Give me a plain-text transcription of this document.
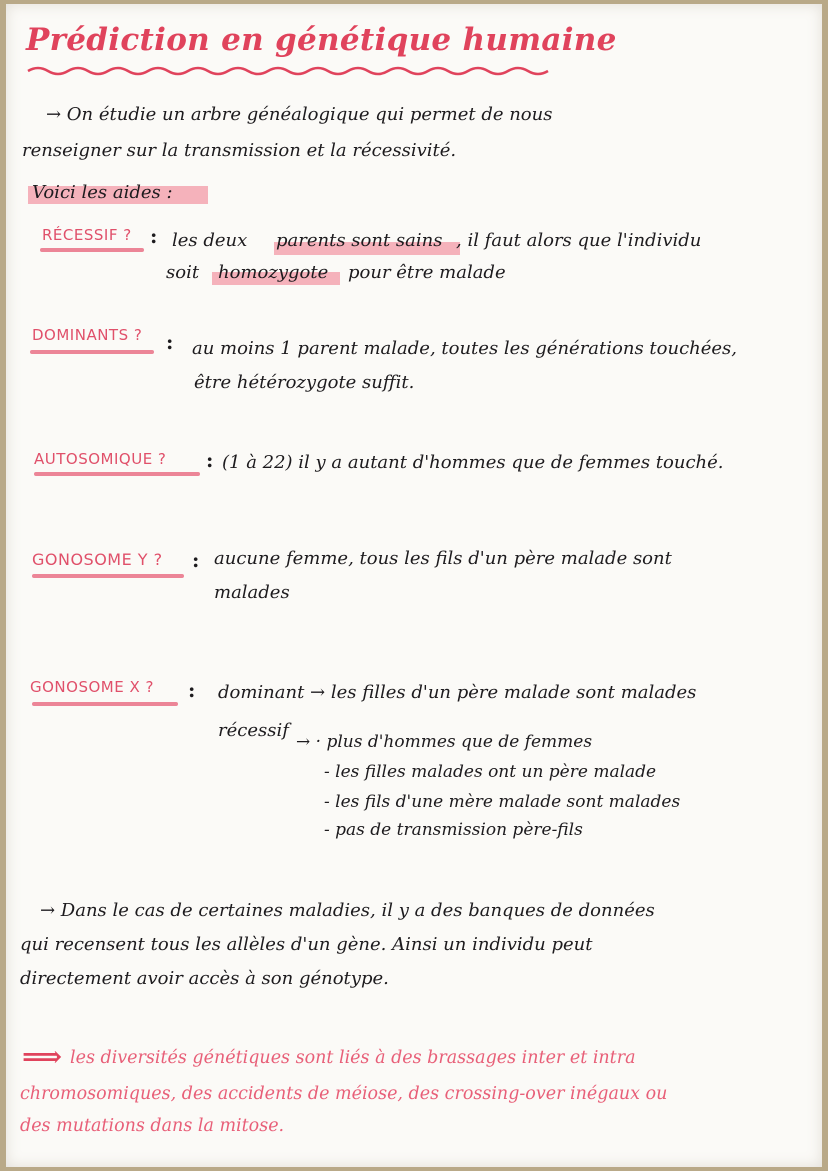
Prédiction en génétique humaine
→ On étudie un arbre généalogique qui permet de nous
renseigner sur la transmission et la récessivité.
Voici les aides :
RÉCESSIF ? : les deux parents sont sains , il faut alors que l'individu
soit homozygote pour être malade
DOMINANTS ? : au moins 1 parent malade, toutes les générations touchées,
être hétérozygote suffit.
AUTOSOMIQUE ? : (1 à 22) il y a autant d'hommes que de femmes touché.
GONOSOME Y ? : aucune femme, tous les fils d'un père malade sont
malades
GONOSOME X ? : dominant → les filles d'un père malade sont malades
récessif
→ · plus d'hommes que de femmes
- les filles malades ont un père malade
- les fils d'une mère malade sont malades
- pas de transmission père-fils
→ Dans le cas de certaines maladies, il y a des banques de données
qui recensent tous les allèles d'un gène. Ainsi un individu peut
directement avoir accès à son génotype.
⟹ les diversités génétiques sont liés à des brassages inter et intra
chromosomiques, des accidents de méiose, des crossing-over inégaux ou
des mutations dans la mitose.
